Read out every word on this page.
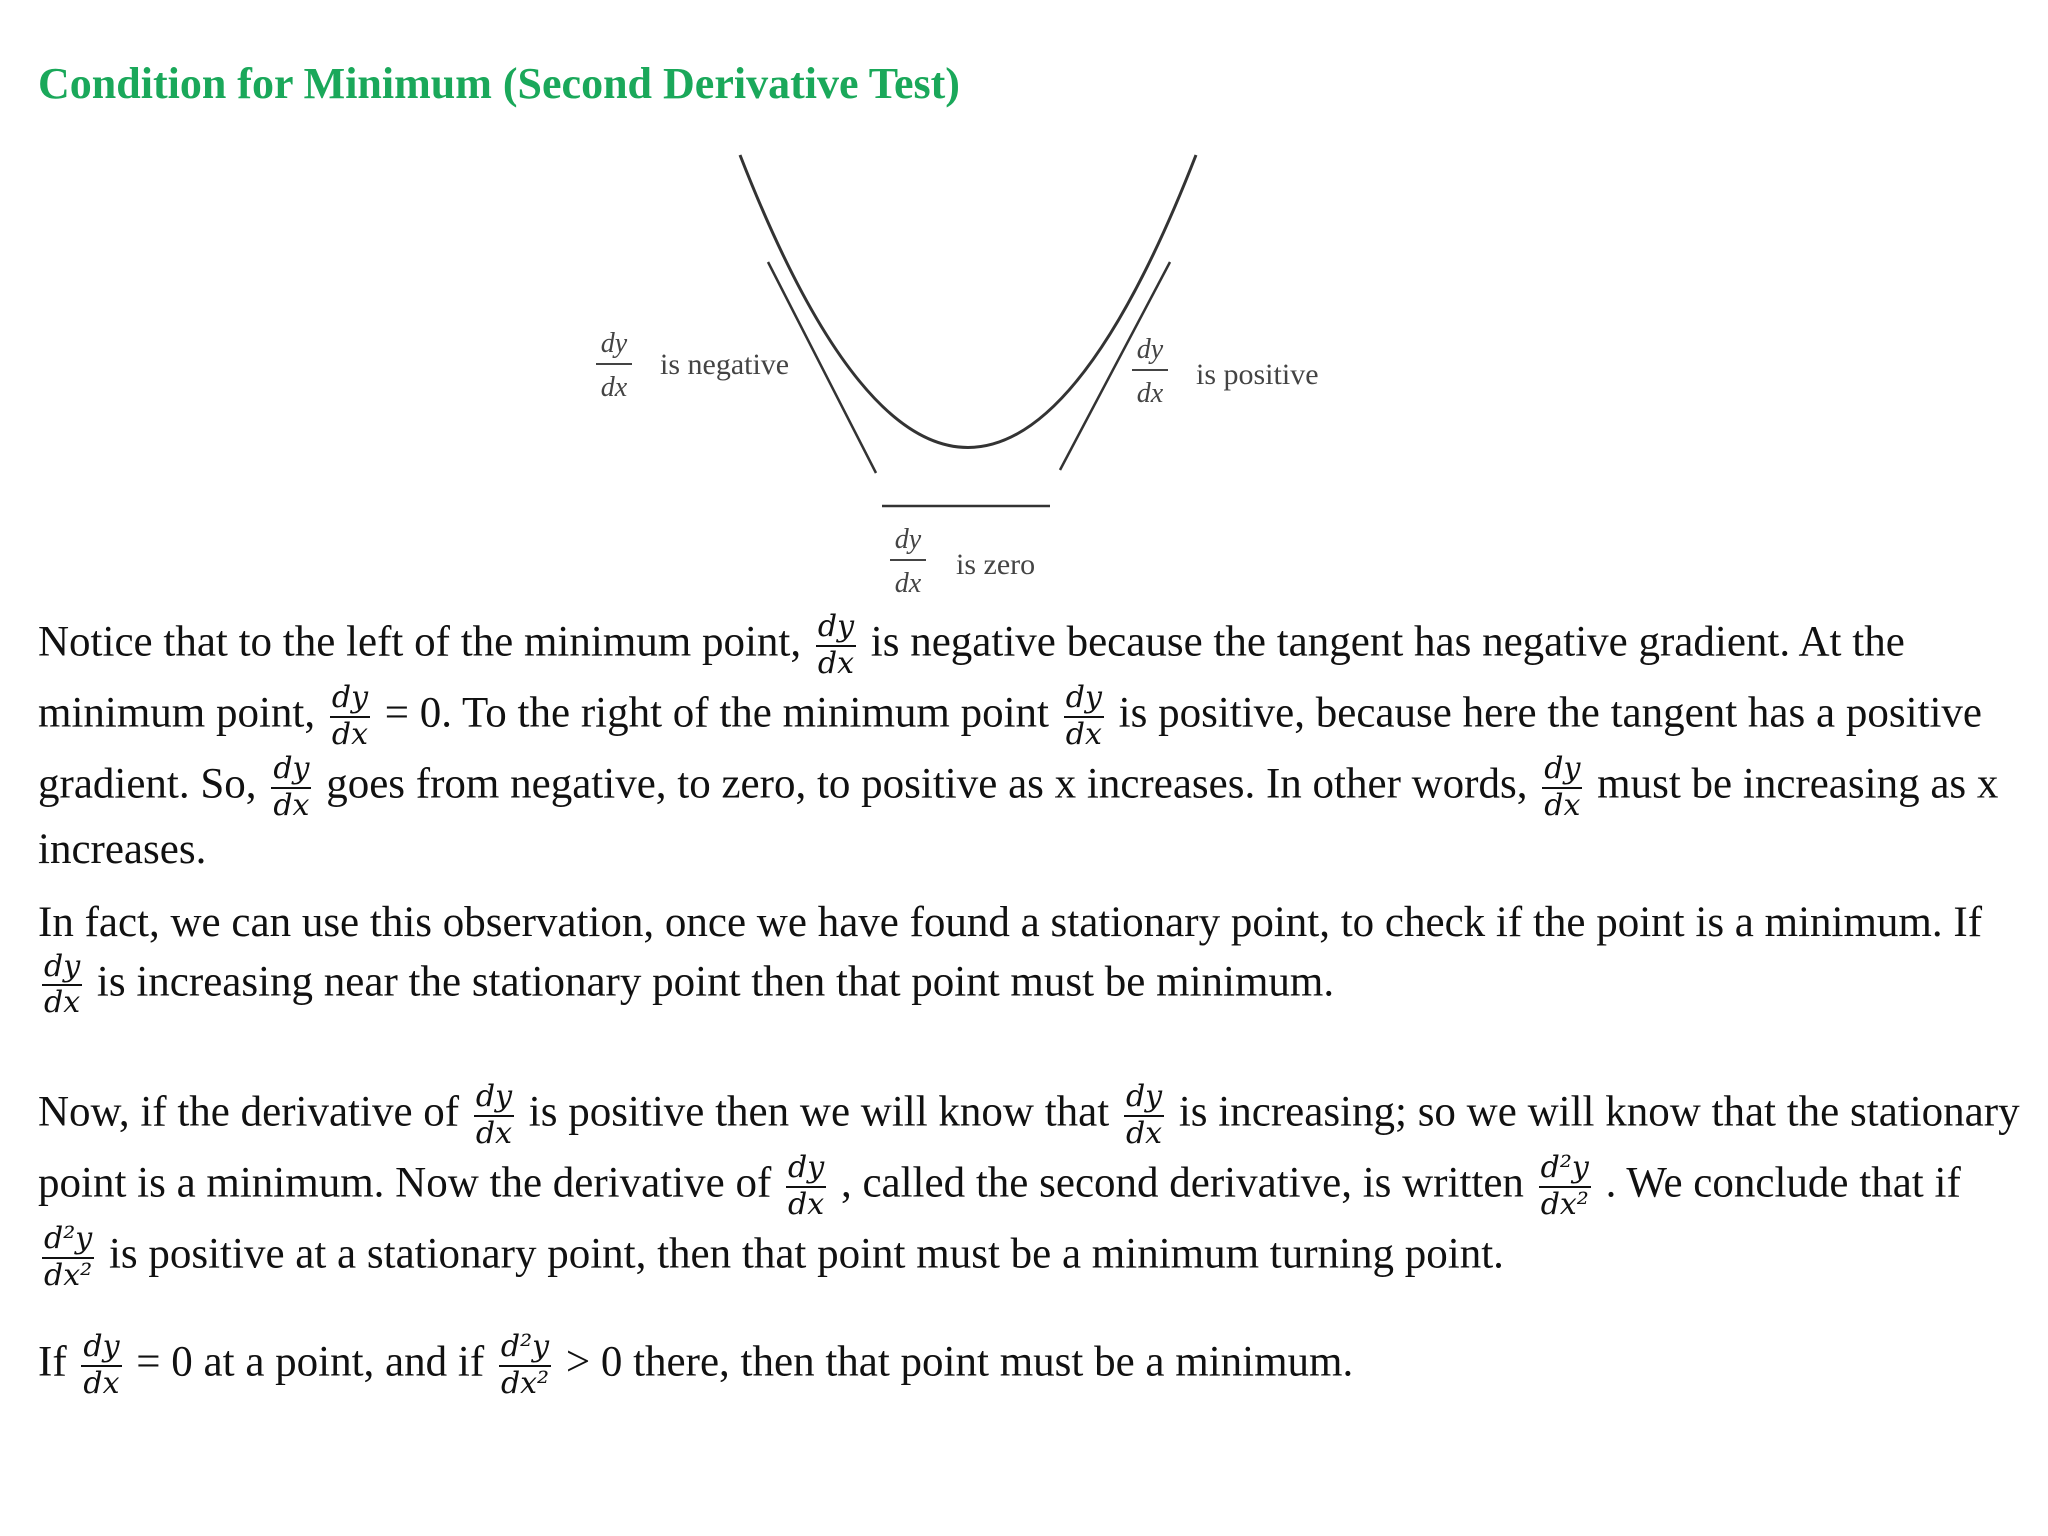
Condition for Minimum (Second Derivative Test)
dy
dx
is negative	dy
dx
is positive
dy
dx
is zero
Notice that to the left of the minimum point, $\frac{dy}{dx}$ is negative because the tangent has negative gradient. At the minimum point, $\frac{dy}{dx} = 0$. To the right of the minimum point $\frac{dy}{dx}$ is positive, because here the tangent has a positive gradient. So, $\frac{dy}{dx}$ goes from negative, to zero, to positive as x increases. In other words, $\frac{dy}{dx}$ must be increasing as x increases.
In fact, we can use this observation, once we have found a stationary point, to check if the point is a minimum. If
$\frac{dy}{dx}$ is increasing near the stationary point then that point must be minimum.
Now, if the derivative of $\frac{dy}{dx}$ is positive then we will know that $\frac{dy}{dx}$ is increasing; so we will know that the stationary point is a minimum. Now the derivative of $\frac{dy}{dx}$ , called the second derivative, is written $\frac{\text{d²y}}{\text{dx²}}$ . We conclude that if
$\frac{\text{d²y}}{\text{dx²}}$ is positive at a stationary point, then that point must be a minimum turning point.
If $\frac{dy}{dx} = 0$ at a point, and if $\frac{\text{d²y}}{\text{dx²}} > 0$ there, then that point must be a minimum.
